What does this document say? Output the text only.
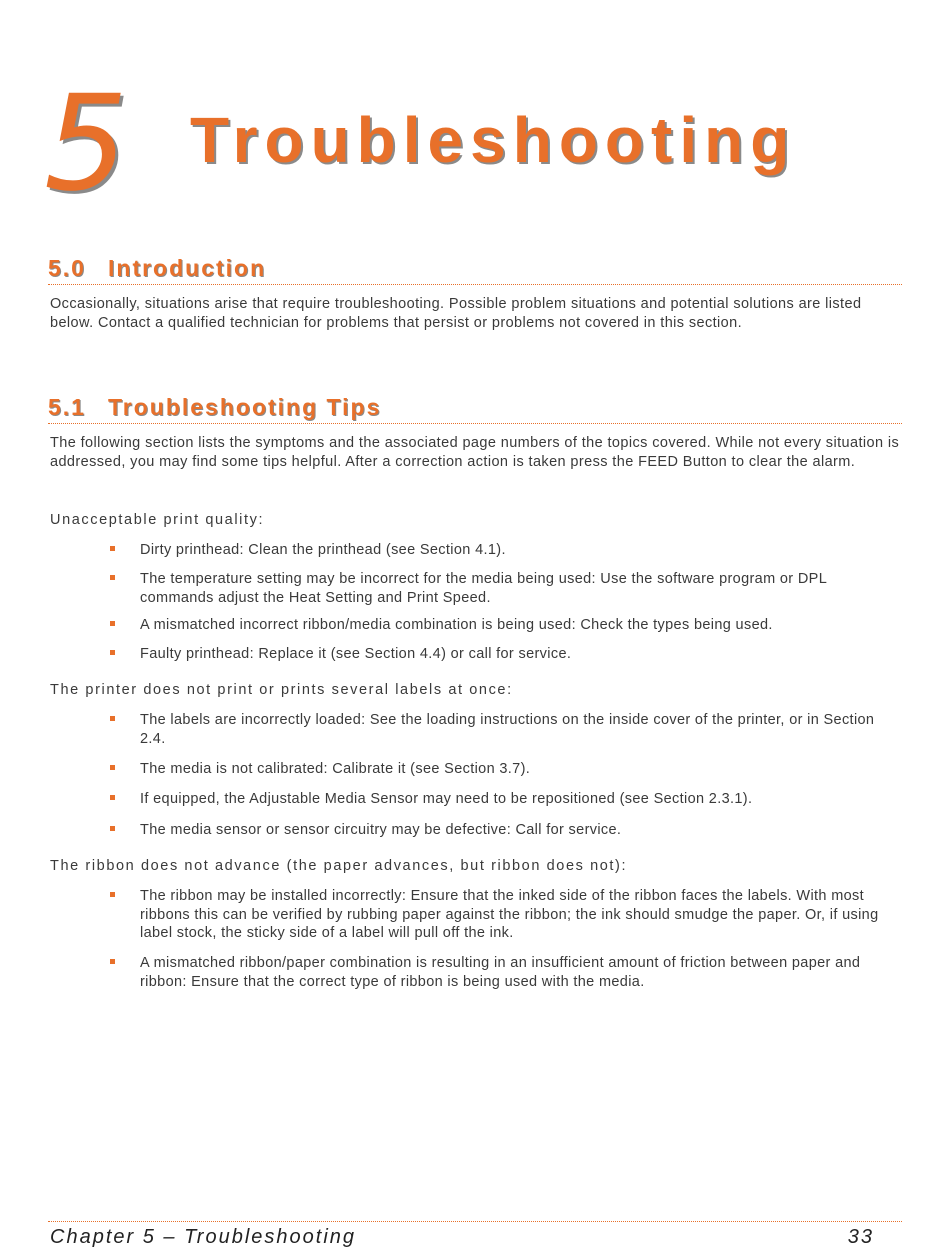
5 Troubleshooting
5.0 Introduction
Occasionally, situations arise that require troubleshooting. Possible problem situations and potential solutions are listed below. Contact a qualified technician for problems that persist or problems not covered in this section.
5.1 Troubleshooting Tips
The following section lists the symptoms and the associated page numbers of the topics covered. While not every situation is addressed, you may find some tips helpful. After a correction action is taken press the FEED Button to clear the alarm.
Unacceptable print quality:
Dirty printhead: Clean the printhead (see Section 4.1).
The temperature setting may be incorrect for the media being used: Use the software program or DPL commands adjust the Heat Setting and Print Speed.
A mismatched incorrect ribbon/media combination is being used: Check the types being used.
Faulty printhead: Replace it (see Section 4.4) or call for service.
The printer does not print or prints several labels at once:
The labels are incorrectly loaded: See the loading instructions on the inside cover of the printer, or in Section 2.4.
The media is not calibrated: Calibrate it (see Section 3.7).
If equipped, the Adjustable Media Sensor may need to be repositioned (see Section 2.3.1).
The media sensor or sensor circuitry may be defective: Call for service.
The ribbon does not advance (the paper advances, but ribbon does not):
The ribbon may be installed incorrectly: Ensure that the inked side of the ribbon faces the labels. With most ribbons this can be verified by rubbing paper against the ribbon; the ink should smudge the paper. Or, if using label stock, the sticky side of a label will pull off the ink.
A mismatched ribbon/paper combination is resulting in an insufficient amount of friction between paper and ribbon: Ensure that the correct type of ribbon is being used with the media.
Chapter 5 – Troubleshooting	33
